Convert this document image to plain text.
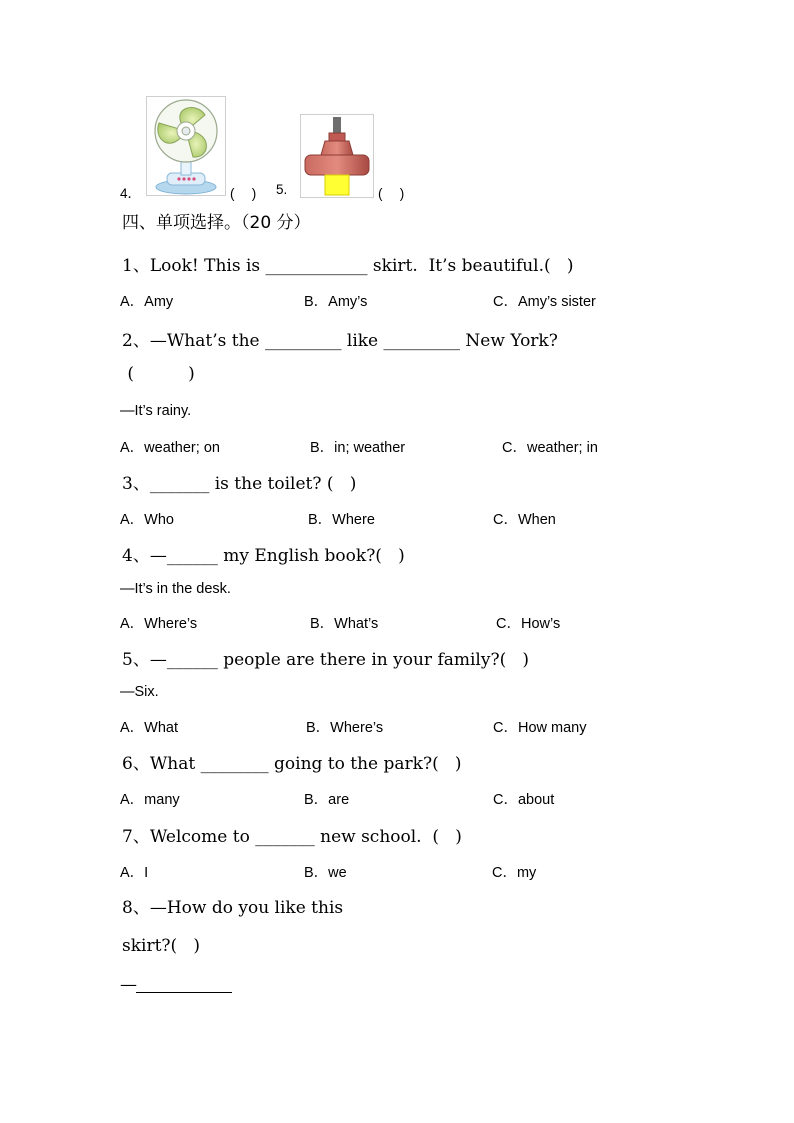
4．	(　 ) 5.	(　 )
四、单项选择。（20 分）
1、Look! This is ____________ skirt.  It’s beautiful.(   )
A．Amy	B．Amy’s	C．Amy’s sister
2、—What’s the _________ like _________ New York?
(          )
—It’s rainy.
A．weather; on	B．in; weather	C．weather; in
3、_______ is the toilet? (   )
A．Who	B．Where	C．When
4、—______ my English book?(   )
—It’s in the desk.
A．Where’s	B．What’s	C．How’s
5、—______ people are there in your family?(   )
—Six.
A．What	B．Where’s	C．How many
6、What ________ going to the park?(   )
A．many	B．are	C．about
7、Welcome to _______ new school.  (   )
A．I	B．we	C．my
8、—How do you like this
skirt?(   )
—
